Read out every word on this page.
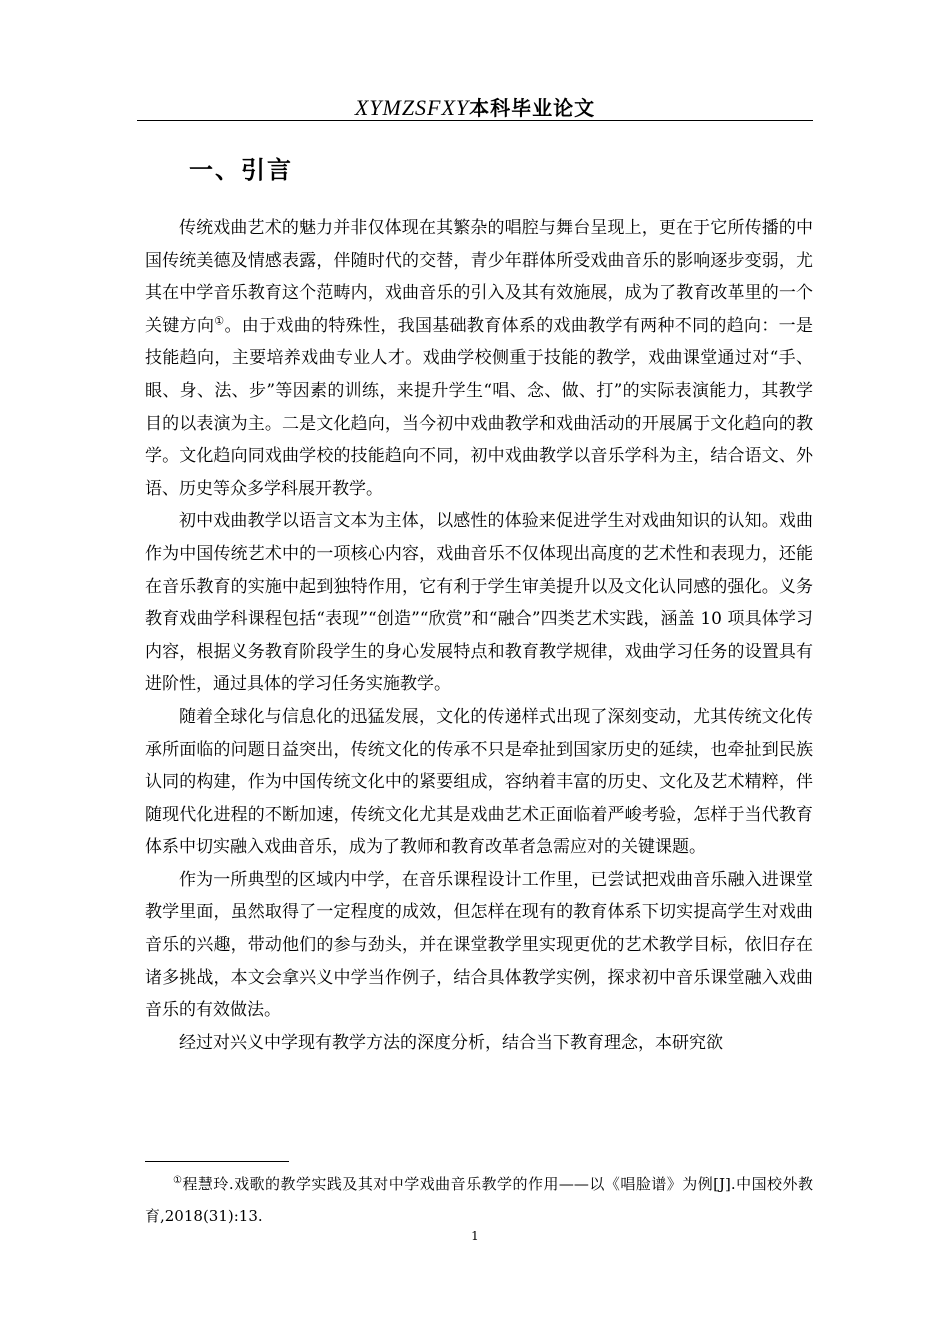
XYMZSFXY本科毕业论文
一、引言

传统戏曲艺术的魅力并非仅体现在其繁杂的唱腔与舞台呈现上，更在于它所传播的中国传统美德及情感表露，伴随时代的交替，青少年群体所受戏曲音乐的影响逐步变弱，尤其在中学音乐教育这个范畴内，戏曲音乐的引入及其有效施展，成为了教育改革里的一个关键方向①。由于戏曲的特殊性，我国基础教育体系的戏曲教学有两种不同的趋向：一是技能趋向，主要培养戏曲专业人才。戏曲学校侧重于技能的教学，戏曲课堂通过对“手、眼、身、法、步”等因素的训练，来提升学生“唱、念、做、打”的实际表演能力，其教学目的以表演为主。二是文化趋向，当今初中戏曲教学和戏曲活动的开展属于文化趋向的教学。文化趋向同戏曲学校的技能趋向不同，初中戏曲教学以音乐学科为主，结合语文、外语、历史等众多学科展开教学。

初中戏曲教学以语言文本为主体，以感性的体验来促进学生对戏曲知识的认知。戏曲作为中国传统艺术中的一项核心内容，戏曲音乐不仅体现出高度的艺术性和表现力，还能在音乐教育的实施中起到独特作用，它有利于学生审美提升以及文化认同感的强化。义务教育戏曲学科课程包括“表现”“创造”“欣赏”和“融合”四类艺术实践，涵盖 10 项具体学习内容，根据义务教育阶段学生的身心发展特点和教育教学规律，戏曲学习任务的设置具有进阶性，通过具体的学习任务实施教学。

随着全球化与信息化的迅猛发展，文化的传递样式出现了深刻变动，尤其传统文化传承所面临的问题日益突出，传统文化的传承不只是牵扯到国家历史的延续，也牵扯到民族认同的构建，作为中国传统文化中的紧要组成，容纳着丰富的历史、文化及艺术精粹，伴随现代化进程的不断加速，传统文化尤其是戏曲艺术正面临着严峻考验，怎样于当代教育体系中切实融入戏曲音乐，成为了教师和教育改革者急需应对的关键课题。

作为一所典型的区域内中学，在音乐课程设计工作里，已尝试把戏曲音乐融入进课堂教学里面，虽然取得了一定程度的成效，但怎样在现有的教育体系下切实提高学生对戏曲音乐的兴趣，带动他们的参与劲头，并在课堂教学里实现更优的艺术教学目标，依旧存在诸多挑战，本文会拿兴义中学当作例子，结合具体教学实例，探求初中音乐课堂融入戏曲音乐的有效做法。

经过对兴义中学现有教学方法的深度分析，结合当下教育理念，本研究欲

①程慧玲.戏歌的教学实践及其对中学戏曲音乐教学的作用——以《唱脸谱》为例[J].中国校外教育,2018(31):13.
1
